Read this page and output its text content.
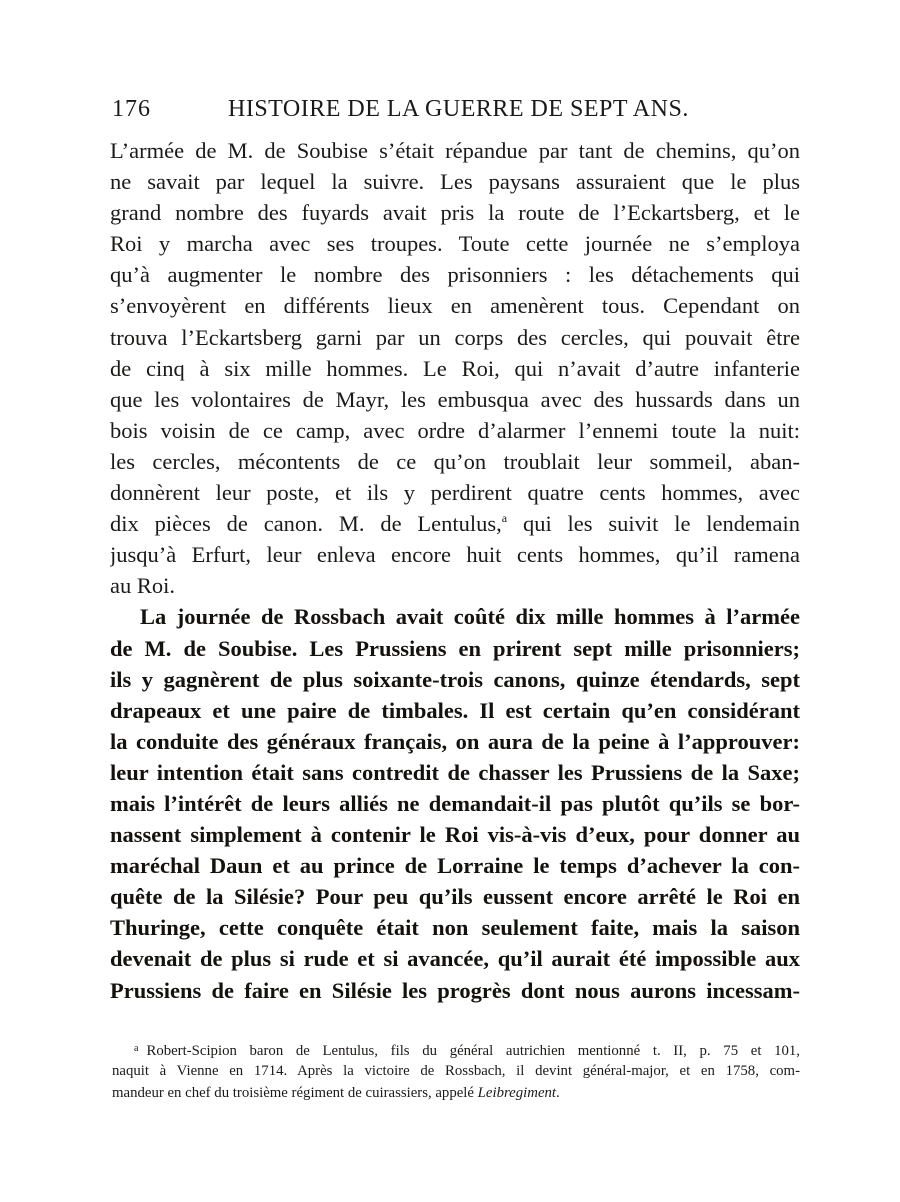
176	HISTOIRE DE LA GUERRE DE SEPT ANS.
L’armée de M. de Soubise s’était répandue par tant de chemins, qu’on
ne savait par lequel la suivre. Les paysans assuraient que le plus
grand nombre des fuyards avait pris la route de l’Eckartsberg, et le
Roi y marcha avec ses troupes. Toute cette journée ne s’employa
qu’à augmenter le nombre des prisonniers : les détachements qui
s’envoyèrent en différents lieux en amenèrent tous. Cependant on
trouva l’Eckartsberg garni par un corps des cercles, qui pouvait être
de cinq à six mille hommes. Le Roi, qui n’avait d’autre infanterie
que les volontaires de Mayr, les embusqua avec des hussards dans un
bois voisin de ce camp, avec ordre d’alarmer l’ennemi toute la nuit:
les cercles, mécontents de ce qu’on troublait leur sommeil, aban-
donnèrent leur poste, et ils y perdirent quatre cents hommes, avec
dix pièces de canon. M. de Lentulus,$^a$ qui les suivit le lendemain
jusqu’à Erfurt, leur enleva encore huit cents hommes, qu’il ramena
au Roi.
La journée de Rossbach avait coûté dix mille hommes à l’armée
de M. de Soubise. Les Prussiens en prirent sept mille prisonniers;
ils y gagnèrent de plus soixante-trois canons, quinze étendards, sept
drapeaux et une paire de timbales. Il est certain qu’en considérant
la conduite des généraux français, on aura de la peine à l’approuver:
leur intention était sans contredit de chasser les Prussiens de la Saxe;
mais l’intérêt de leurs alliés ne demandait-il pas plutôt qu’ils se bor-
nassent simplement à contenir le Roi vis-à-vis d’eux, pour donner au
maréchal Daun et au prince de Lorraine le temps d’achever la con-
quête de la Silésie? Pour peu qu’ils eussent encore arrêté le Roi en
Thuringe, cette conquête était non seulement faite, mais la saison
devenait de plus si rude et si avancée, qu’il aurait été impossible aux
Prussiens de faire en Silésie les progrès dont nous aurons incessam-
$^a$ Robert-Scipion baron de Lentulus, fils du général autrichien mentionné t. II, p. 75 et 101,
naquit à Vienne en 1714. Après la victoire de Rossbach, il devint général-major, et en 1758, com-
mandeur en chef du troisième régiment de cuirassiers, appelé Leibregiment.
